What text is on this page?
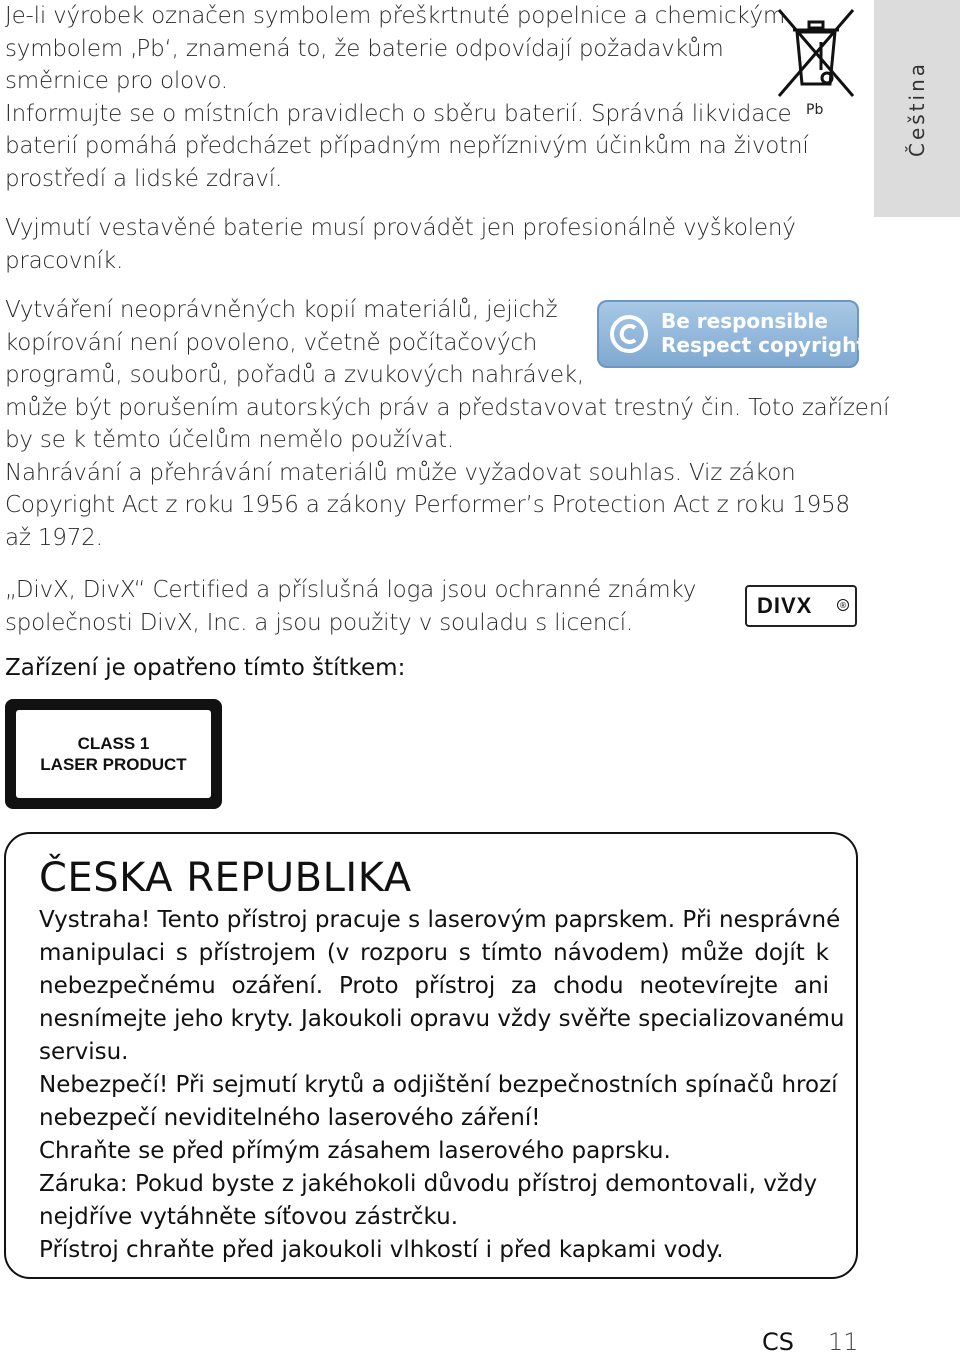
Je-li výrobek označen symbolem přeškrtnuté popelnice a chemickým
symbolem ‚Pb‘, znamená to, že baterie odpovídají požadavkům
směrnice pro olovo.
Informujte se o místních pravidlech o sběru baterií. Správná likvidace
baterií pomáhá předcházet případným nepříznivým účinkům na životní
prostředí a lidské zdraví.
Pb	Čeština
Vyjmutí vestavěné baterie musí provádět jen profesionálně vyškolený
pracovník.
Vytváření neoprávněných kopií materiálů, jejichž
kopírování není povoleno, včetně počítačových
programů, souborů, pořadů a zvukových nahrávek,
může být porušením autorských práv a představovat trestný čin. Toto zařízení
by se k těmto účelům nemělo používat.
Nahrávání a přehrávání materiálů může vyžadovat souhlas. Viz zákon
Copyright Act z roku 1956 a zákony Performer’s Protection Act z roku 1958
až 1972.
Be responsible
Respect copyrights
„DivX, DivX“ Certified a příslušná loga jsou ochranné známky
společnosti DivX, Inc. a jsou použity v souladu s licencí.
DIVX	®
Zařízení je opatřeno tímto štítkem:
CLASS 1
LASER PRODUCT
ČESKA REPUBLIKA
Vystraha! Tento přístroj pracuje s laserovým paprskem. Při nesprávné
manipulaci s přístrojem (v rozporu s tímto návodem) může dojít k
nebezpečnému ozáření. Proto přístroj za chodu neotevírejte ani
nesnímejte jeho kryty. Jakoukoli opravu vždy svěřte specializovanému
servisu.
Nebezpečí! Při sejmutí krytů a odjištění bezpečnostních spínačů hrozí
nebezpečí neviditelného laserového záření!
Chraňte se před přímým zásahem laserového paprsku.
Záruka: Pokud byste z jakéhokoli důvodu přístroj demontovali, vždy
nejdříve vytáhněte síťovou zástrčku.
Přístroj chraňte před jakoukoli vlhkostí i před kapkami vody.
CS 11
